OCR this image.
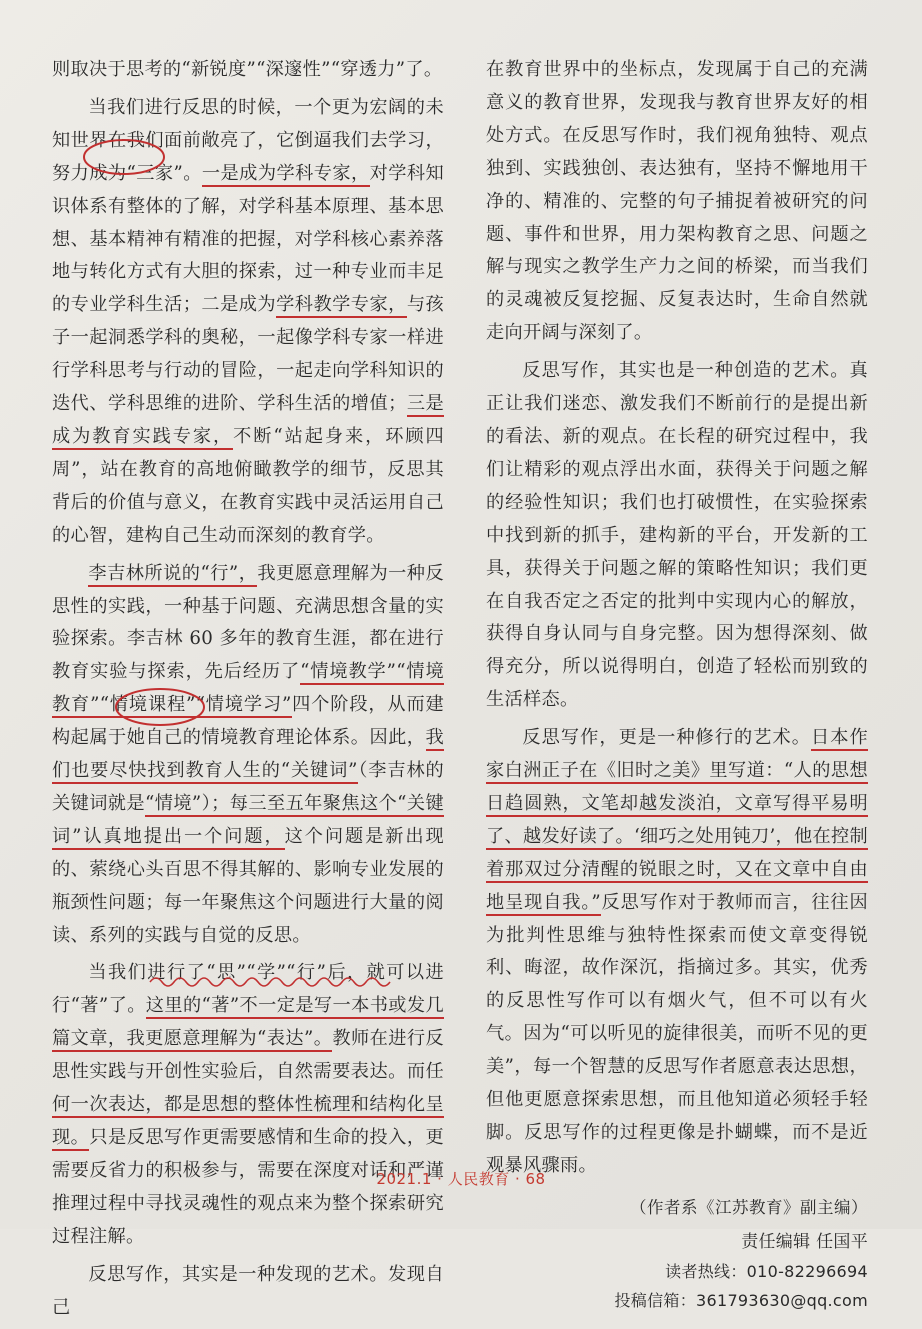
则取决于思考的“新锐度”“深邃性”“穿透力”了。

当我们进行反思的时候，一个更为宏阔的未知世界在我们面前敞亮了，它倒逼我们去学习，努力成为“三家”。一是成为学科专家，对学科知识体系有整体的了解，对学科基本原理、基本思想、基本精神有精准的把握，对学科核心素养落地与转化方式有大胆的探索，过一种专业而丰足的专业学科生活；二是成为学科教学专家，与孩子一起洞悉学科的奥秘，一起像学科专家一样进行学科思考与行动的冒险，一起走向学科知识的迭代、学科思维的进阶、学科生活的增值；三是成为教育实践专家，不断“站起身来，环顾四周”，站在教育的高地俯瞰教学的细节，反思其背后的价值与意义，在教育实践中灵活运用自己的心智，建构自己生动而深刻的教育学。

李吉林所说的“行”，我更愿意理解为一种反思性的实践，一种基于问题、充满思想含量的实验探索。李吉林 60 多年的教育生涯，都在进行教育实验与探索，先后经历了“情境教学”“情境教育”“情境课程”“情境学习”四个阶段，从而建构起属于她自己的情境教育理论体系。因此，我们也要尽快找到教育人生的“关键词”（李吉林的关键词就是“情境”）；每三至五年聚焦这个“关键词”认真地提出一个问题，这个问题是新出现的、萦绕心头百思不得其解的、影响专业发展的瓶颈性问题；每一年聚焦这个问题进行大量的阅读、系列的实践与自觉的反思。

当我们进行了“思”“学”“行”后，就可以进行“著”了。这里的“著”不一定是写一本书或发几篇文章，我更愿意理解为“表达”。教师在进行反思性实践与开创性实验后，自然需要表达。而任何一次表达，都是思想的整体性梳理和结构化呈现。只是反思写作更需要感情和生命的投入，更需要反省力的积极参与，需要在深度对话和严谨推理过程中寻找灵魂性的观点来为整个探索研究过程注解。

反思写作，其实是一种发现的艺术。发现自己

在教育世界中的坐标点，发现属于自己的充满意义的教育世界，发现我与教育世界友好的相处方式。在反思写作时，我们视角独特、观点独到、实践独创、表达独有，坚持不懈地用干净的、精准的、完整的句子捕捉着被研究的问题、事件和世界，用力架构教育之思、问题之解与现实之教学生产力之间的桥梁，而当我们的灵魂被反复挖掘、反复表达时，生命自然就走向开阔与深刻了。

反思写作，其实也是一种创造的艺术。真正让我们迷恋、激发我们不断前行的是提出新的看法、新的观点。在长程的研究过程中，我们让精彩的观点浮出水面，获得关于问题之解的经验性知识；我们也打破惯性，在实验探索中找到新的抓手，建构新的平台，开发新的工具，获得关于问题之解的策略性知识；我们更在自我否定之否定的批判中实现内心的解放，获得自身认同与自身完整。因为想得深刻、做得充分，所以说得明白，创造了轻松而别致的生活样态。

反思写作，更是一种修行的艺术。日本作家白洲正子在《旧时之美》里写道：“人的思想日趋圆熟，文笔却越发淡泊，文章写得平易明了、越发好读了。‘细巧之处用钝刀’，他在控制着那双过分清醒的锐眼之时，又在文章中自由地呈现自我。”反思写作对于教师而言，往往因为批判性思维与独特性探索而使文章变得锐利、晦涩，故作深沉，指摘过多。其实，优秀的反思性写作可以有烟火气，但不可以有火气。因为“可以听见的旋律很美，而听不见的更美”，每一个智慧的反思写作者愿意表达思想，但他更愿意探索思想，而且他知道必须轻手轻脚。反思写作的过程更像是扑蝴蝶，而不是近观暴风骤雨。

（作者系《江苏教育》副主编）

责任编辑 任国平

读者热线：010-82296694

投稿信箱：361793630@qq.com

2021.1 · 人民教育 · 68
